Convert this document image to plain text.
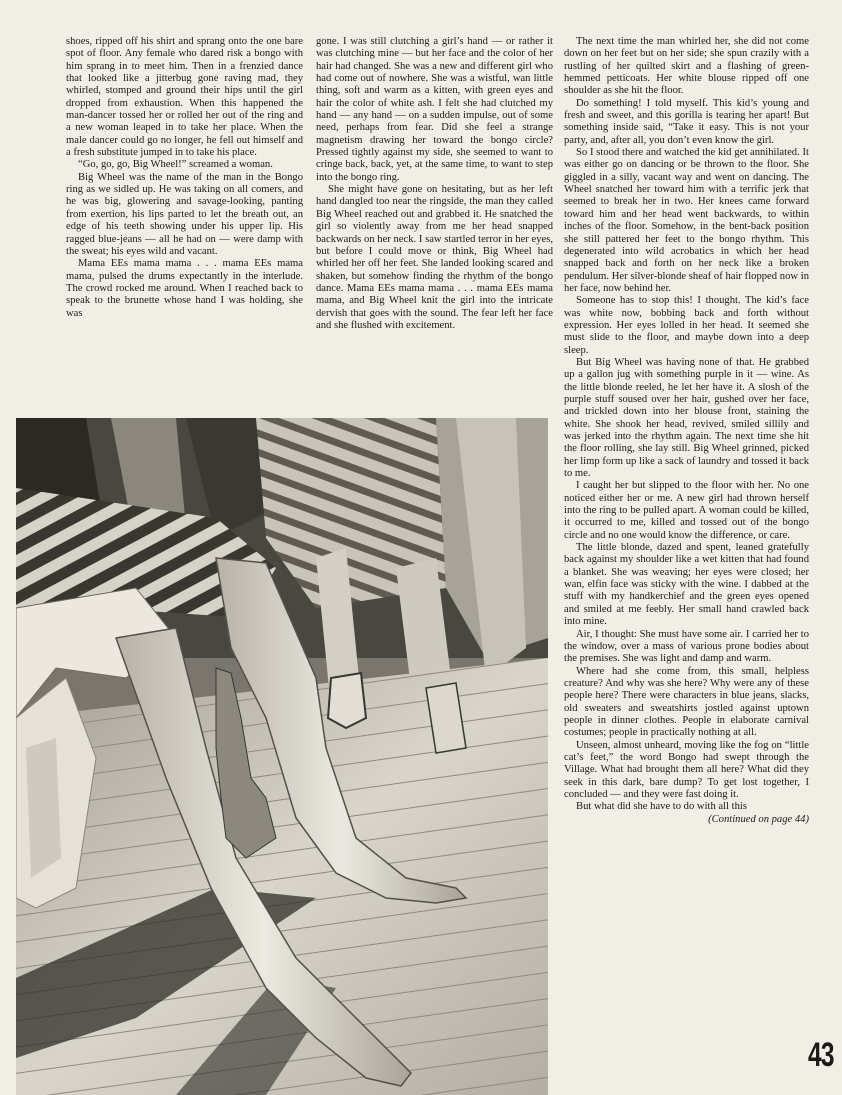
shoes, ripped off his shirt and sprang onto the one bare spot of floor. Any female who dared risk a bongo with him sprang in to meet him. Then in a frenzied dance that looked like a jitterbug gone raving mad, they whirled, stomped and ground their hips until the girl dropped from exhaustion. When this happened the man-dancer tossed her or rolled her out of the ring and a new woman leaped in to take her place. When the male dancer could go no longer, he fell out himself and a fresh substitute jumped in to take his place.

“Go, go, go, Big Wheel!” screamed a woman.

Big Wheel was the name of the man in the Bongo ring as we sidled up. He was taking on all comers, and he was big, glowering and savage-looking, panting from exertion, his lips parted to let the breath out, an edge of his teeth showing under his upper lip. His ragged blue-jeans — all he had on — were damp with the sweat; his eyes wild and vacant.

Mama EEs mama mama . . . mama EEs mama mama, pulsed the drums expectantly in the interlude. The crowd rocked me around. When I reached back to speak to the brunette whose hand I was holding, she was

gone. I was still clutching a girl’s hand — or rather it was clutching mine — but her face and the color of her hair had changed. She was a new and different girl who had come out of nowhere. She was a wistful, wan little thing, soft and warm as a kitten, with green eyes and hair the color of white ash. I felt she had clutched my hand — any hand — on a sudden impulse, out of some need, perhaps from fear. Did she feel a strange magnetism drawing her toward the bongo circle? Pressed tightly against my side, she seemed to want to cringe back, back, yet, at the same time, to want to step into the bongo ring.

She might have gone on hesitating, but as her left hand dangled too near the ringside, the man they called Big Wheel reached out and grabbed it. He snatched the girl so violently away from me her head snapped backwards on her neck. I saw startled terror in her eyes, but before I could move or think, Big Wheel had whirled her off her feet. She landed looking scared and shaken, but somehow finding the rhythm of the bongo dance. Mama EEs mama mama . . . mama EEs mama mama, and Big Wheel knit the girl into the intricate dervish that goes with the sound. The fear left her face and she flushed with excitement.

The next time the man whirled her, she did not come down on her feet but on her side; she spun crazily with a rustling of her quilted skirt and a flashing of green-hemmed petticoats. Her white blouse ripped off one shoulder as she hit the floor.

Do something! I told myself. This kid’s young and fresh and sweet, and this gorilla is tearing her apart! But something inside said, “Take it easy. This is not your party, and, after all, you don’t even know the girl.

So I stood there and watched the kid get annihilated. It was either go on dancing or be thrown to the floor. She giggled in a silly, vacant way and went on dancing. The Wheel snatched her toward him with a terrific jerk that seemed to break her in two. Her knees came forward toward him and her head went backwards, to within inches of the floor. Somehow, in the bent-back position she still pattered her feet to the bongo rhythm. This degenerated into wild acrobatics in which her head snapped back and forth on her neck like a broken pendulum. Her silver-blonde sheaf of hair flopped now in her face, now behind her.

Someone has to stop this! I thought. The kid’s face was white now, bobbing back and forth without expression. Her eyes lolled in her head. It seemed she must slide to the floor, and maybe down into a deep sleep.

But Big Wheel was having none of that. He grabbed up a gallon jug with something purple in it — wine. As the little blonde reeled, he let her have it. A slosh of the purple stuff soused over her hair, gushed over her face, and trickled down into her blouse front, staining the white. She shook her head, revived, smiled sillily and was jerked into the rhythm again. The next time she hit the floor rolling, she lay still. Big Wheel grinned, picked her limp form up like a sack of laundry and tossed it back to me.

I caught her but slipped to the floor with her. No one noticed either her or me. A new girl had thrown herself into the ring to be pulled apart. A woman could be killed, it occurred to me, killed and tossed out of the bongo circle and no one would know the difference, or care.

The little blonde, dazed and spent, leaned gratefully back against my shoulder like a wet kitten that had found a blanket. She was weaving; her eyes were closed; her wan, elfin face was sticky with the wine. I dabbed at the stuff with my handkerchief and the green eyes opened and smiled at me feebly. Her small hand crawled back into mine.

Air, I thought: She must have some air. I carried her to the window, over a mass of various prone bodies about the premises. She was light and damp and warm.

Where had she come from, this small, helpless creature? And why was she here? Why were any of these people here? There were characters in blue jeans, slacks, old sweaters and sweatshirts jostled against uptown people in dinner clothes. People in elaborate carnival costumes; people in practically nothing at all.

Unseen, almost unheard, moving like the fog on “little cat’s feet,” the word Bongo had swept through the Village. What had brought them all here? What did they seek in this dark, bare dump? To get lost together, I concluded — and they were fast doing it.

But what did she have to do with all this

(Continued on page 44)
43
